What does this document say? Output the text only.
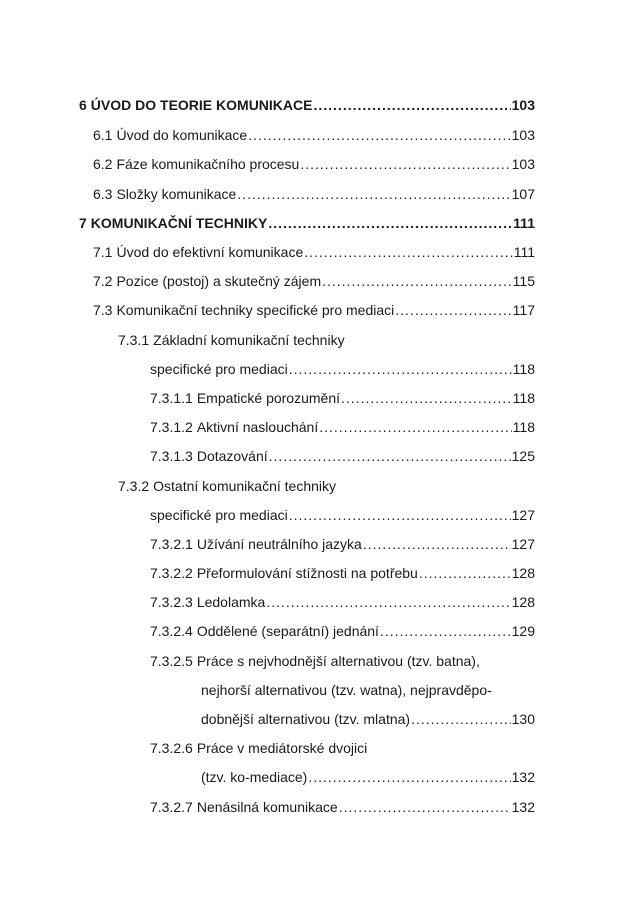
6 ÚVOD DO TEORIE KOMUNIKACE .....	103
6.1 Úvod do komunikace .....	103
6.2 Fáze komunikačního procesu .....	103
6.3 Složky komunikace .....	107
7 KOMUNIKAČNÍ TECHNIKY .....	111
7.1 Úvod do efektivní komunikace .....	111
7.2 Pozice (postoj) a skutečný zájem .....	115
7.3 Komunikační techniky specifické pro mediaci .....	117
7.3.1 Základní komunikační techniky
specifické pro mediaci .....	118
7.3.1.1 Empatické porozumění .....	118
7.3.1.2 Aktivní naslouchání .....	118
7.3.1.3 Dotazování .....	125
7.3.2 Ostatní komunikační techniky
specifické pro mediaci .....	127
7.3.2.1 Užívání neutrálního jazyka .....	127
7.3.2.2 Přeformulování stížnosti na potřebu .....	128
7.3.2.3 Ledolamka .....	128
7.3.2.4 Oddělené (separátní) jednání .....	129
7.3.2.5 Práce s nejvhodnější alternativou (tzv. batna),
nejhorší alternativou (tzv. watna), nejpravděpo-
dobnější alternativou (tzv. mlatna) .....	130
7.3.2.6 Práce v mediátorské dvojici
(tzv. ko-mediace) .....	132
7.3.2.7 Nenásilná komunikace .....	132
